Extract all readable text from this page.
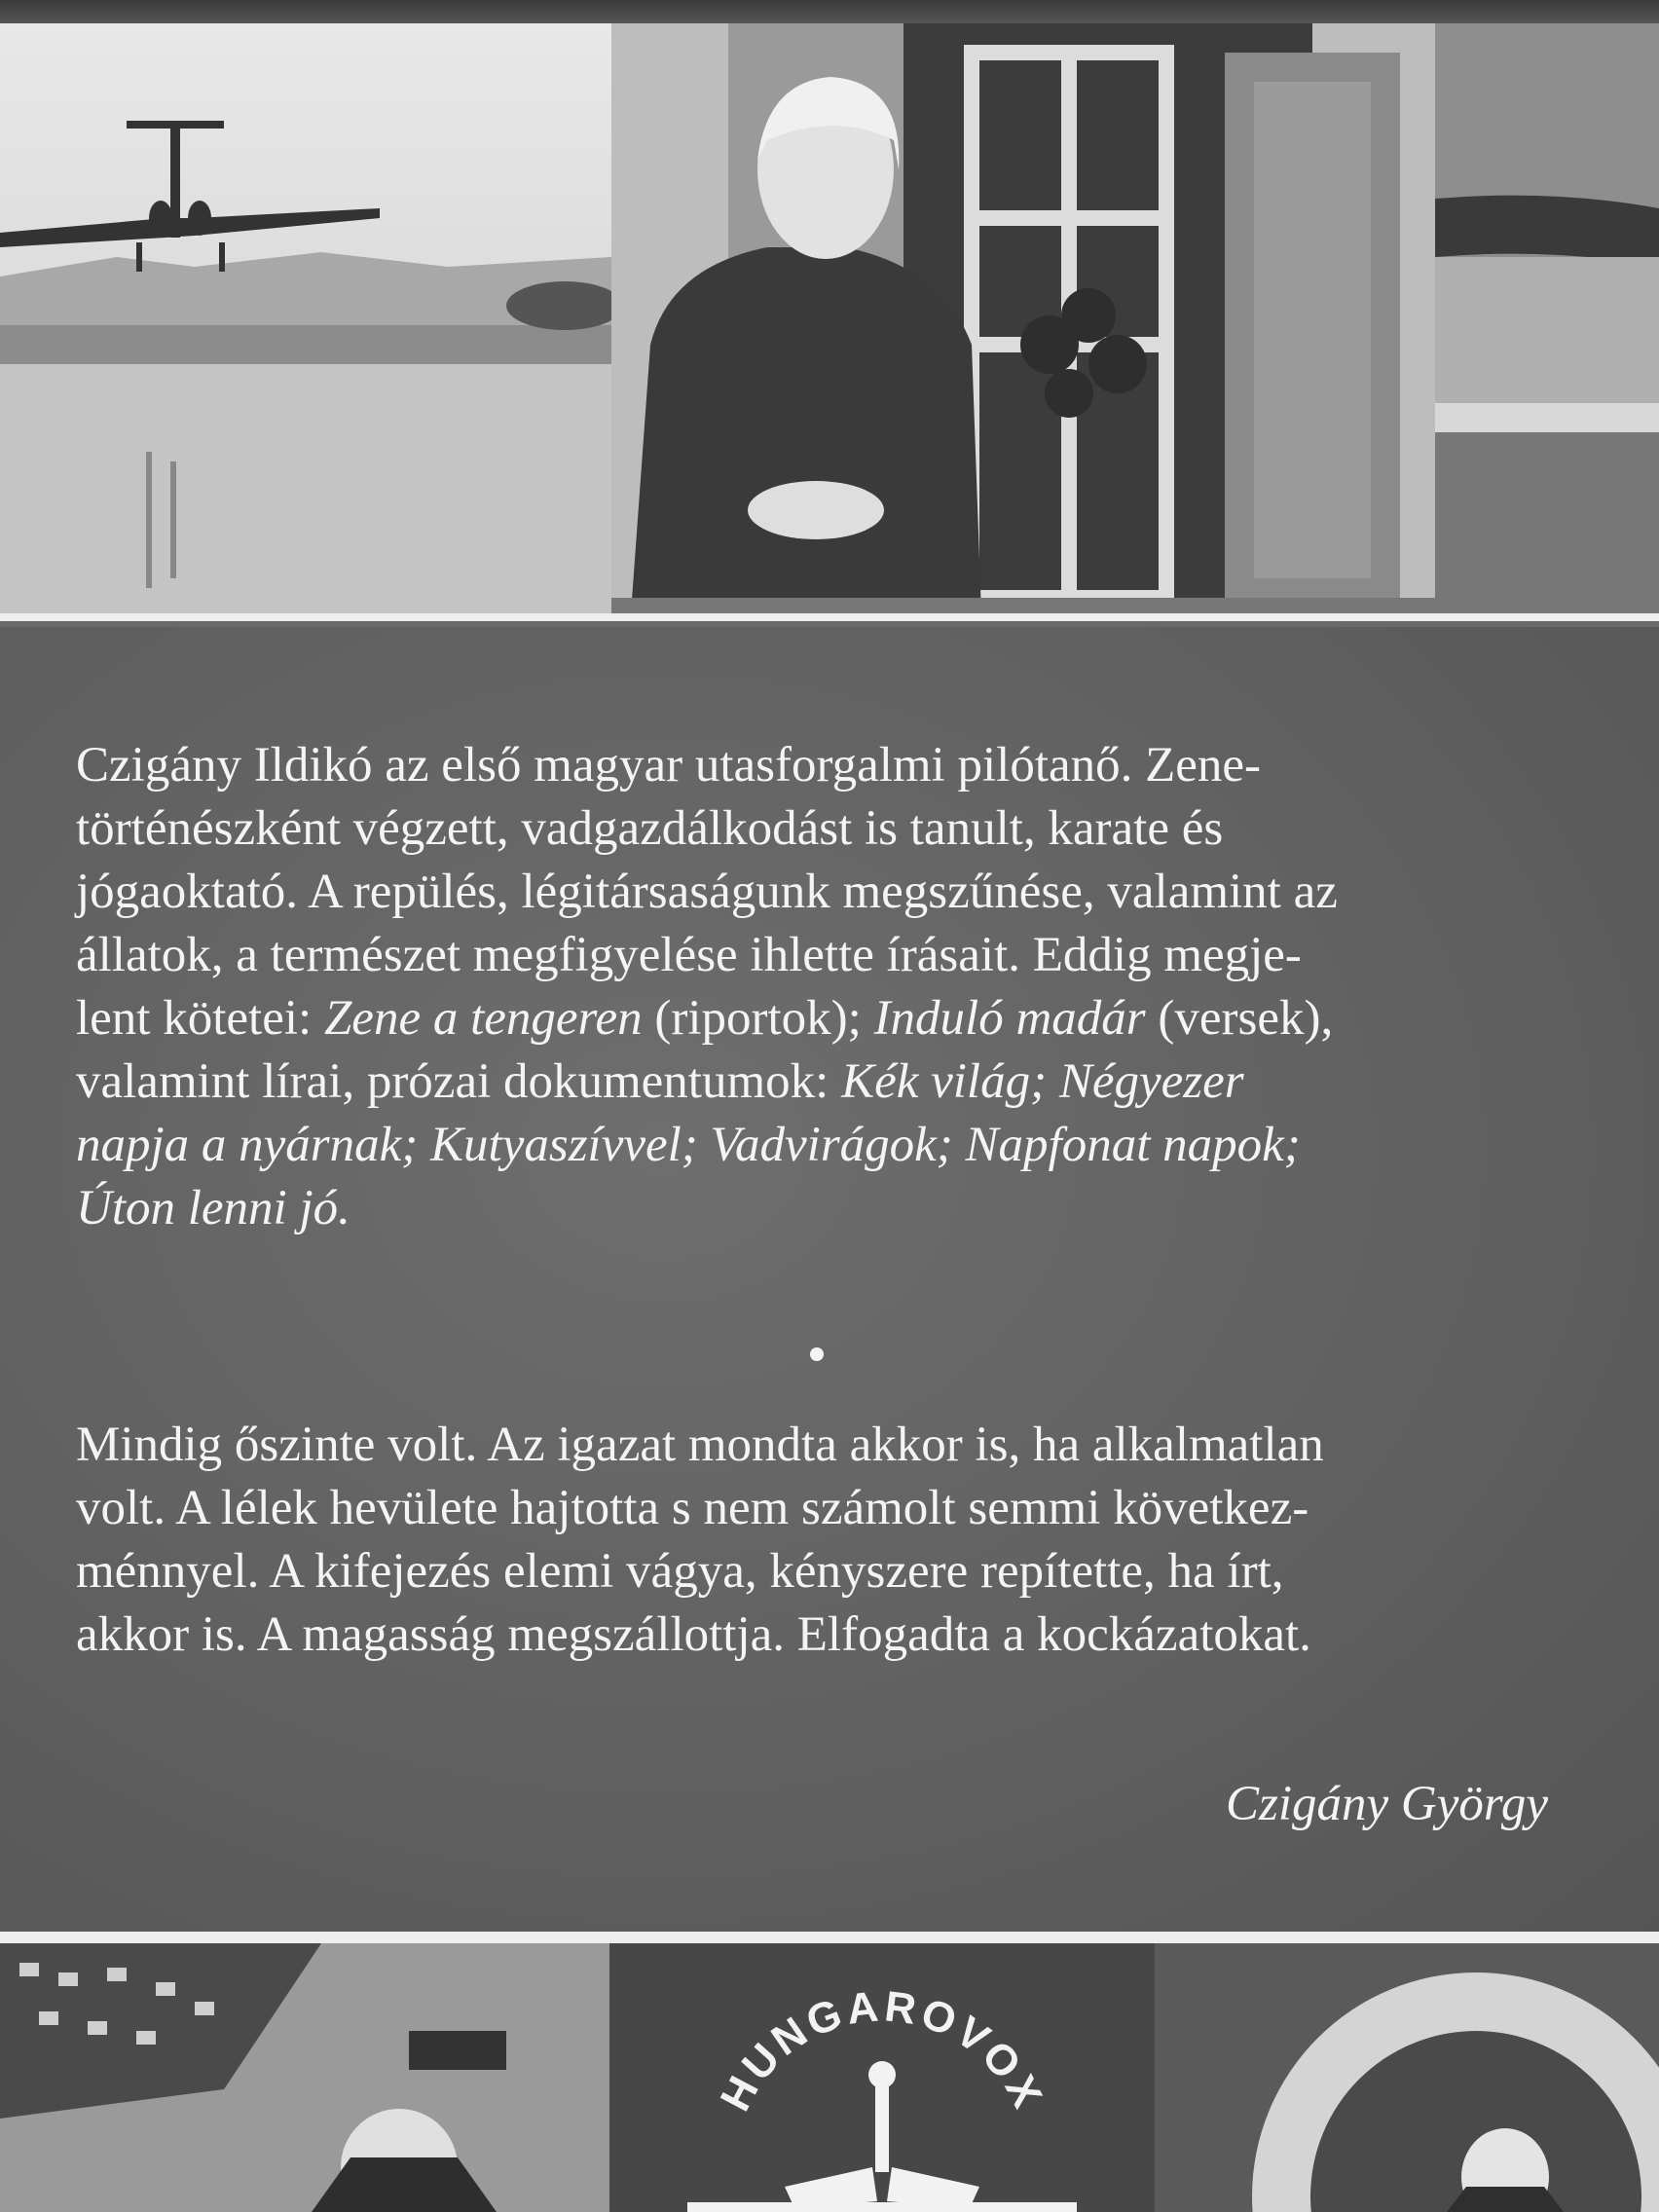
Czigány Ildikó az első magyar utasforgalmi pilótanő. Zene-
történészként végzett, vadgazdálkodást is tanult, karate és
jógaoktató. A repülés, légitársaságunk megszűnése, valamint az
állatok, a természet megfigyelése ihlette írásait. Eddig megje-
lent kötetei: Zene a tengeren (riportok); Induló madár (versek),
valamint lírai, prózai dokumentumok: Kék világ; Négyezer
napja a nyárnak; Kutyaszívvel; Vadvirágok; Napfonat napok;
Úton lenni jó.

Mindig őszinte volt. Az igazat mondta akkor is, ha alkalmatlan
volt. A lélek hevülete hajtotta s nem számolt semmi következ-
ménnyel. A kifejezés elemi vágya, kényszere repítette, ha írt,
akkor is. A magasság megszállottja. Elfogadta a kockázatokat.

Czigány György
HUNGAROVOX
